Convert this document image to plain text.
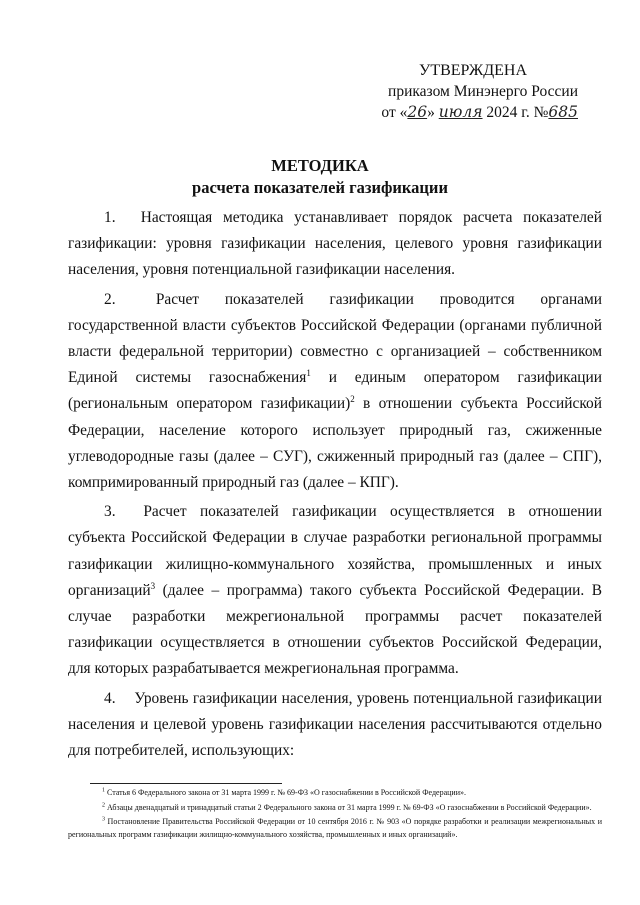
УТВЕРЖДЕНА
приказом Минэнерго России
от «26» июля 2024 г. №685
МЕТОДИКА
расчета показателей газификации

1. Настоящая методика устанавливает порядок расчета показателей газификации: уровня газификации населения, целевого уровня газификации населения, уровня потенциальной газификации населения.

2.	Расчет показателей газификации проводится органами государственной власти субъектов Российской Федерации (органами публичной власти федеральной территории) совместно с организацией – собственником Единой системы газоснабжения$^1$ и единым оператором газификации (региональным оператором газификации)$^2$ в отношении субъекта Российской Федерации, население которого использует природный газ, сжиженные углеводородные газы (далее – СУГ), сжиженный природный газ (далее – СПГ), компримированный природный газ (далее – КПГ).

3. Расчет показателей газификации осуществляется в отношении субъекта Российской Федерации в случае разработки региональной программы газификации жилищно-коммунального хозяйства, промышленных и иных организаций$^3$ (далее – программа) такого субъекта Российской Федерации. В случае разработки межрегиональной программы расчет показателей газификации осуществляется в отношении субъектов Российской Федерации, для которых разрабатывается межрегиональная программа.

4. Уровень газификации населения, уровень потенциальной газификации населения и целевой уровень газификации населения рассчитываются отдельно для потребителей, использующих:

$^1$ Статья 6 Федерального закона от 31 марта 1999 г. № 69-ФЗ «О газоснабжении в Российской Федерации».

$^2$ Абзацы двенадцатый и тринадцатый статьи 2 Федерального закона от 31 марта 1999 г. № 69-ФЗ «О газоснабжении в Российской Федерации».

$^3$ Постановление Правительства Российской Федерации от 10 сентября 2016 г. № 903 «О порядке разработки и реализации межрегиональных и региональных программ газификации жилищно-коммунального хозяйства, промышленных и иных организаций».
